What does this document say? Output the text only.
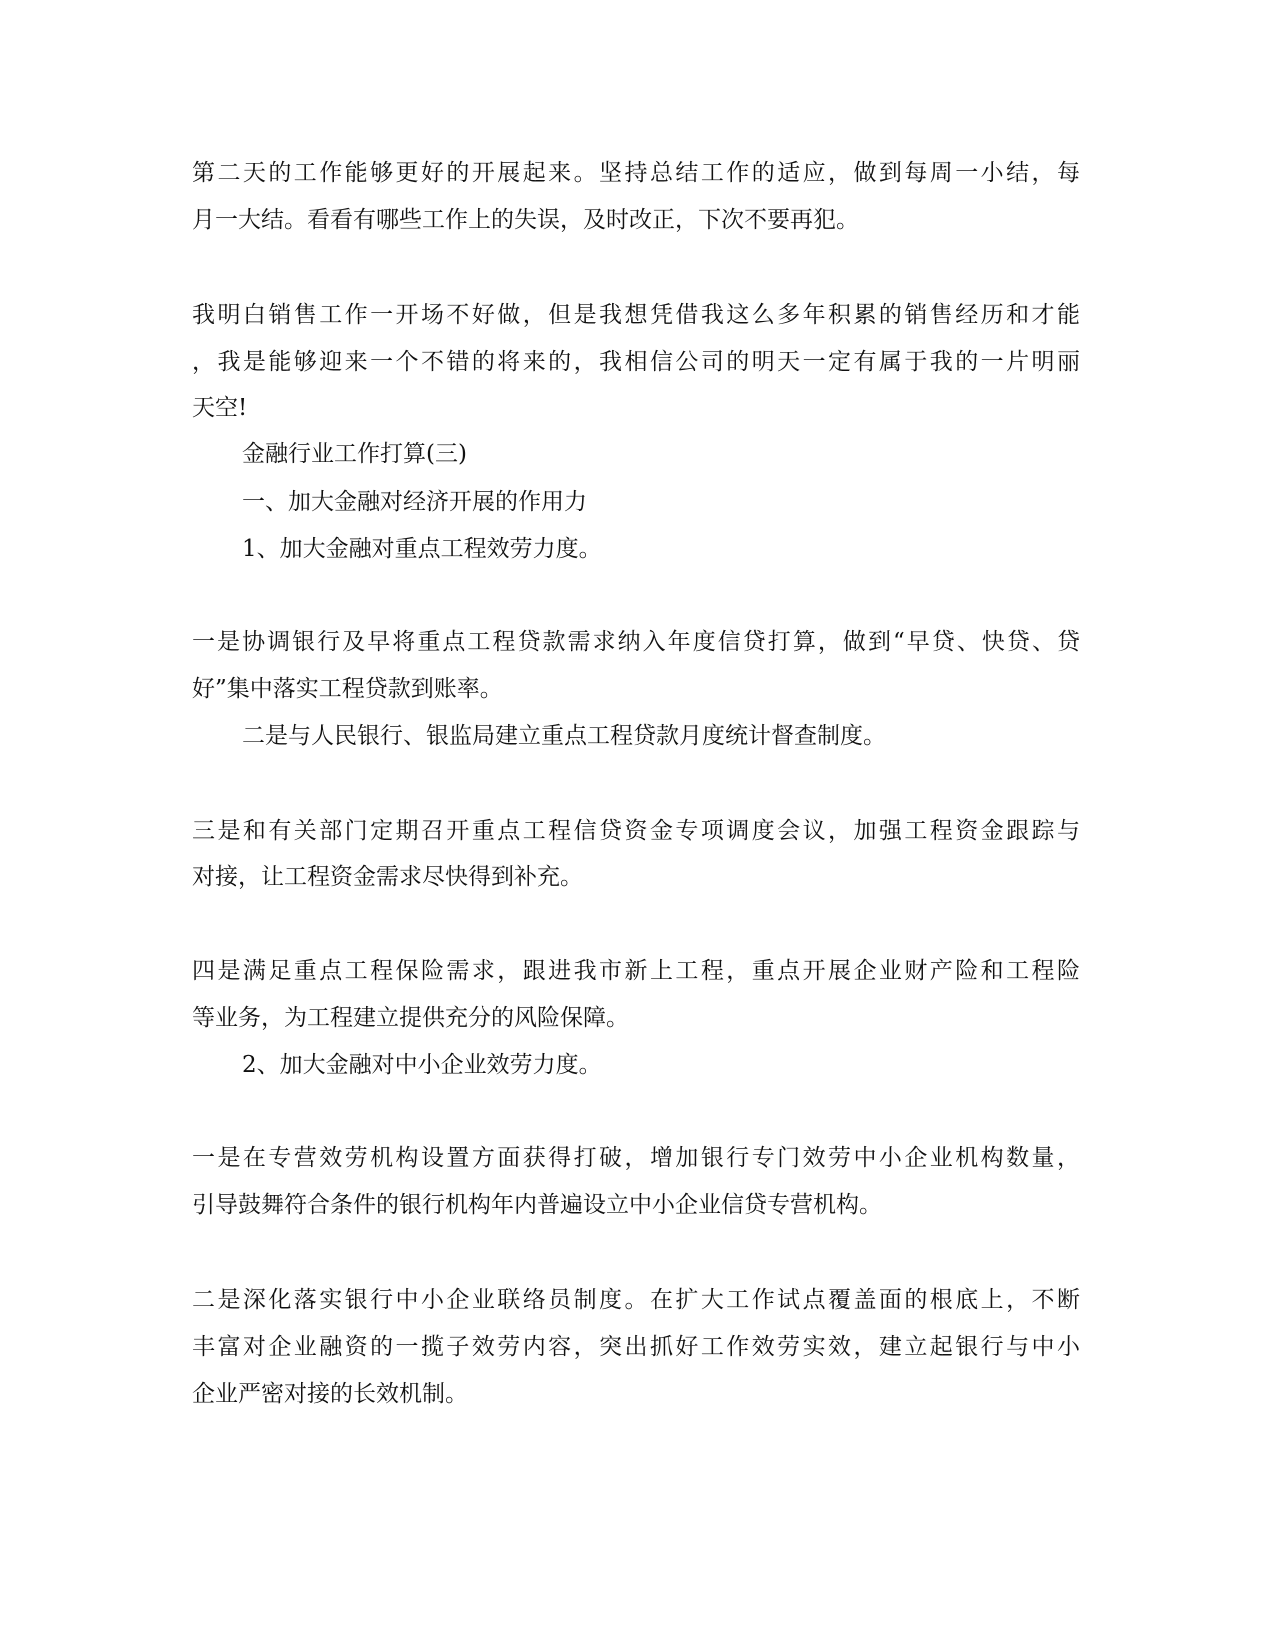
第二天的工作能够更好的开展起来。坚持总结工作的适应，做到每周一小结，每

月一大结。看看有哪些工作上的失误，及时改正，下次不要再犯。

我明白销售工作一开场不好做，但是我想凭借我这么多年积累的销售经历和才能

，我是能够迎来一个不错的将来的，我相信公司的明天一定有属于我的一片明丽

天空!

金融行业工作打算(三)

一、加大金融对经济开展的作用力

1、加大金融对重点工程效劳力度。

一是协调银行及早将重点工程贷款需求纳入年度信贷打算，做到“早贷、快贷、贷

好”集中落实工程贷款到账率。

二是与人民银行、银监局建立重点工程贷款月度统计督查制度。

三是和有关部门定期召开重点工程信贷资金专项调度会议，加强工程资金跟踪与

对接，让工程资金需求尽快得到补充。

四是满足重点工程保险需求，跟进我市新上工程，重点开展企业财产险和工程险

等业务，为工程建立提供充分的风险保障。

2、加大金融对中小企业效劳力度。

一是在专营效劳机构设置方面获得打破，增加银行专门效劳中小企业机构数量，

引导鼓舞符合条件的银行机构年内普遍设立中小企业信贷专营机构。

二是深化落实银行中小企业联络员制度。在扩大工作试点覆盖面的根底上，不断

丰富对企业融资的一揽子效劳内容，突出抓好工作效劳实效，建立起银行与中小

企业严密对接的长效机制。
